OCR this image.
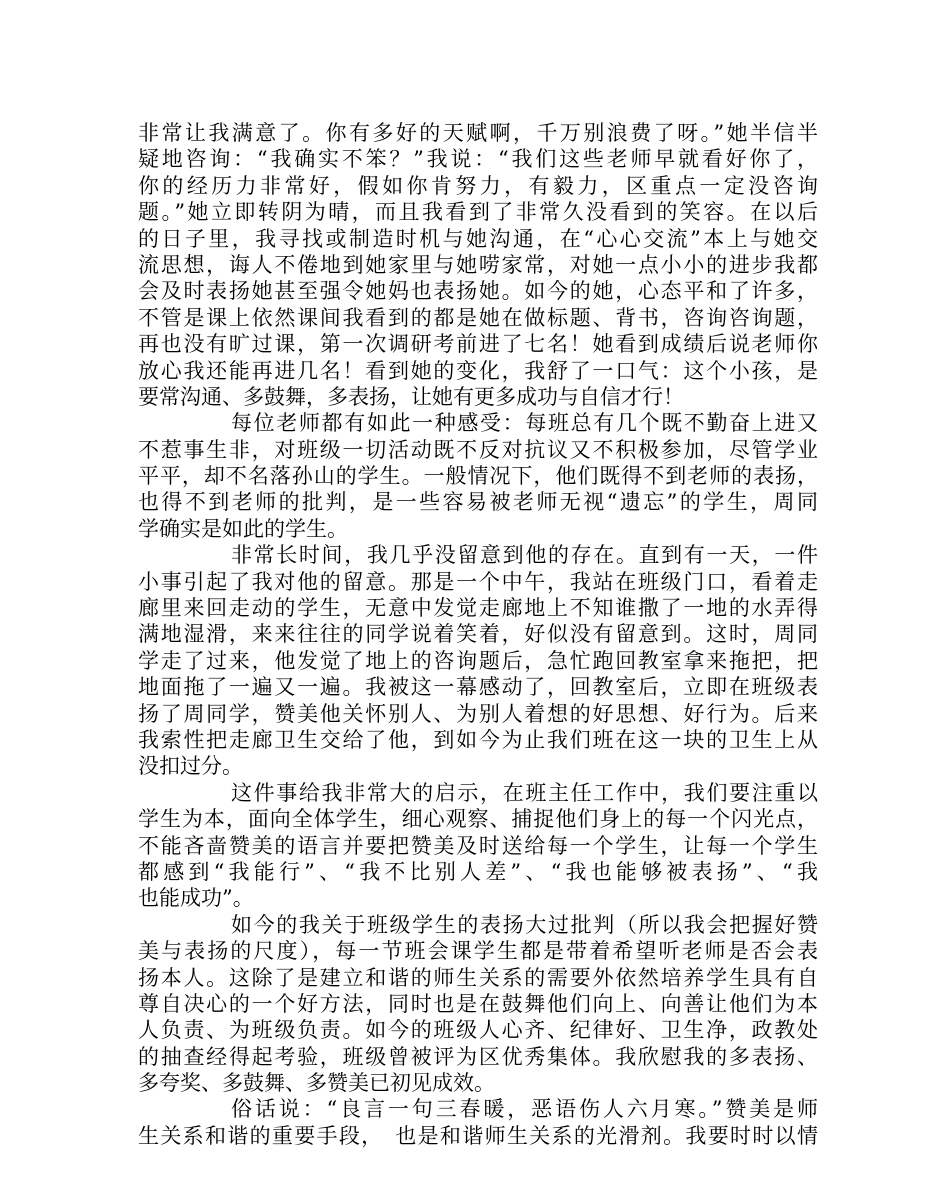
非常让我满意了。你有多好的天赋啊，千万别浪费了呀。”她半信半
疑地咨询：“我确实不笨？”我说：“我们这些老师早就看好你了，
你的经历力非常好，假如你肯努力，有毅力，区重点一定没咨询
题。”她立即转阴为晴，而且我看到了非常久没看到的笑容。在以后
的日子里，我寻找或制造时机与她沟通，在“心心交流”本上与她交
流思想，诲人不倦地到她家里与她唠家常，对她一点小小的进步我都
会及时表扬她甚至强令她妈也表扬她。如今的她，心态平和了许多，
不管是课上依然课间我看到的都是她在做标题、背书，咨询咨询题，
再也没有旷过课，第一次调研考前进了七名！她看到成绩后说老师你
放心我还能再进几名！看到她的变化，我舒了一口气：这个小孩，是
要常沟通、多鼓舞，多表扬，让她有更多成功与自信才行！
每位老师都有如此一种感受：每班总有几个既不勤奋上进又
不惹事生非，对班级一切活动既不反对抗议又不积极参加，尽管学业
平平，却不名落孙山的学生。一般情况下，他们既得不到老师的表扬，
也得不到老师的批判，是一些容易被老师无视“遗忘”的学生，周同
学确实是如此的学生。
非常长时间，我几乎没留意到他的存在。直到有一天，一件
小事引起了我对他的留意。那是一个中午，我站在班级门口，看着走
廊里来回走动的学生，无意中发觉走廊地上不知谁撒了一地的水弄得
满地湿滑，来来往往的同学说着笑着，好似没有留意到。这时，周同
学走了过来，他发觉了地上的咨询题后，急忙跑回教室拿来拖把，把
地面拖了一遍又一遍。我被这一幕感动了，回教室后，立即在班级表
扬了周同学，赞美他关怀别人、为别人着想的好思想、好行为。后来
我索性把走廊卫生交给了他，到如今为止我们班在这一块的卫生上从
没扣过分。
这件事给我非常大的启示，在班主任工作中，我们要注重以
学生为本，面向全体学生，细心观察、捕捉他们身上的每一个闪光点，
不能吝啬赞美的语言并要把赞美及时送给每一个学生，让每一个学生
都感到“我能行”、“我不比别人差”、“我也能够被表扬”、“我
也能成功”。
如今的我关于班级学生的表扬大过批判（所以我会把握好赞
美与表扬的尺度），每一节班会课学生都是带着希望听老师是否会表
扬本人。这除了是建立和谐的师生关系的需要外依然培养学生具有自
尊自决心的一个好方法，同时也是在鼓舞他们向上、向善让他们为本
人负责、为班级负责。如今的班级人心齐、纪律好、卫生净，政教处
的抽查经得起考验，班级曾被评为区优秀集体。我欣慰我的多表扬、
多夸奖、多鼓舞、多赞美已初见成效。
俗话说：“良言一句三春暖，恶语伤人六月寒。”赞美是师
生关系和谐的重要手段，　也是和谐师生关系的光滑剂。我要时时以情
